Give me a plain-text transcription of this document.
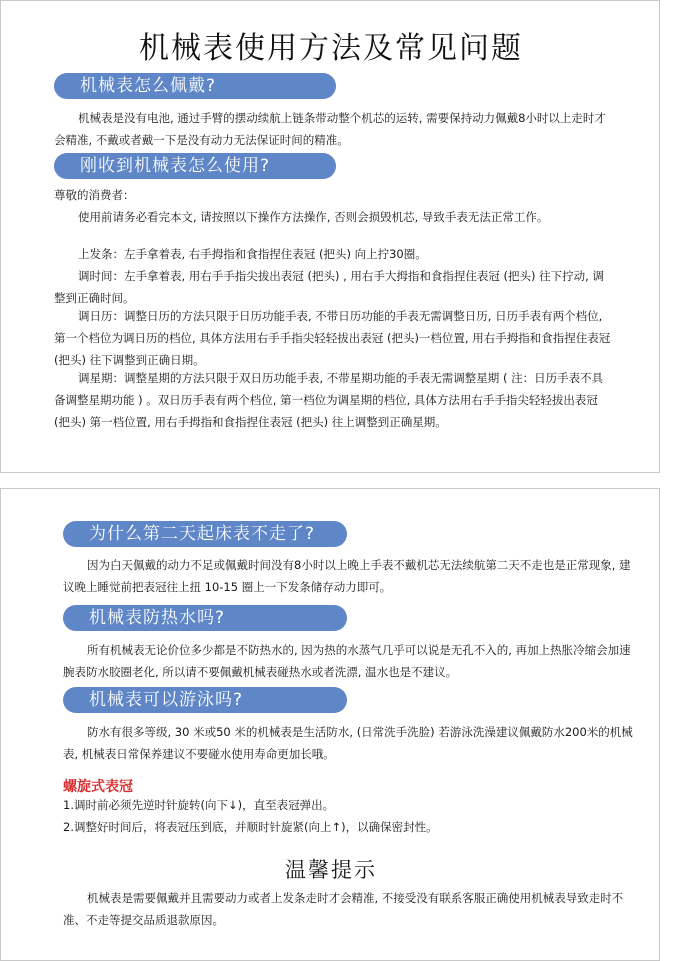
机械表使用方法及常见问题
机械表怎么佩戴?

机械表是没有电池, 通过手臂的摆动续航上链条带动整个机芯的运转, 需要保持动力佩戴8小时以上走时才会精准, 不戴或者戴一下是没有动力无法保证时间的精准。

刚收到机械表怎么使用?

尊敬的消费者：

使用前请务必看完本文, 请按照以下操作方法操作, 否则会损毁机芯, 导致手表无法正常工作。

上发条：左手拿着表, 右手拇指和食指捏住表冠 (把头) 向上拧30圈。

调时间：左手拿着表, 用右手手指尖拔出表冠 (把头) , 用右手大拇指和食指捏住表冠 (把头) 往下拧动, 调整到正确时间。

调日历：调整日历的方法只限于日历功能手表, 不带日历功能的手表无需调整日历, 日历手表有两个档位, 第一个档位为调日历的档位, 具体方法用右手手指尖轻轻拔出表冠 (把头)一档位置, 用右手拇指和食指捏住表冠 (把头) 往下调整到正确日期。

调星期：调整星期的方法只限于双日历功能手表, 不带星期功能的手表无需调整星期 ( 注：日历手表不具备调整星期功能 ) 。双日历手表有两个档位, 第一档位为调星期的档位, 具体方法用右手手指尖轻轻拔出表冠 (把头) 第一档位置, 用右手拇指和食指捏住表冠 (把头) 往上调整到正确星期。

为什么第二天起床表不走了?

因为白天佩戴的动力不足或佩戴时间没有8小时以上晚上手表不戴机芯无法续航第二天不走也是正常现象, 建议晚上睡觉前把表冠往上扭 10-15 圈上一下发条储存动力即可。

机械表防热水吗?

所有机械表无论价位多少都是不防热水的, 因为热的水蒸气几乎可以说是无孔不入的, 再加上热胀冷缩会加速腕表防水胶圈老化, 所以请不要佩戴机械表碰热水或者洗漂, 温水也是不建议。

机械表可以游泳吗?

防水有很多等级, 30 米或50 米的机械表是生活防水, (日常洗手洗脸) 若游泳洗澡建议佩戴防水200米的机械表, 机械表日常保养建议不要碰水使用寿命更加长哦。

螺旋式表冠

1.调时前必须先逆时针旋转(向下↓)，直至表冠弹出。

2.调整好时间后，将表冠压到底，并顺时针旋紧(向上↑)，以确保密封性。

温馨提示

机械表是需要佩戴并且需要动力或者上发条走时才会精准, 不接受没有联系客服正确使用机械表导致走时不准、不走等提交品质退款原因。
